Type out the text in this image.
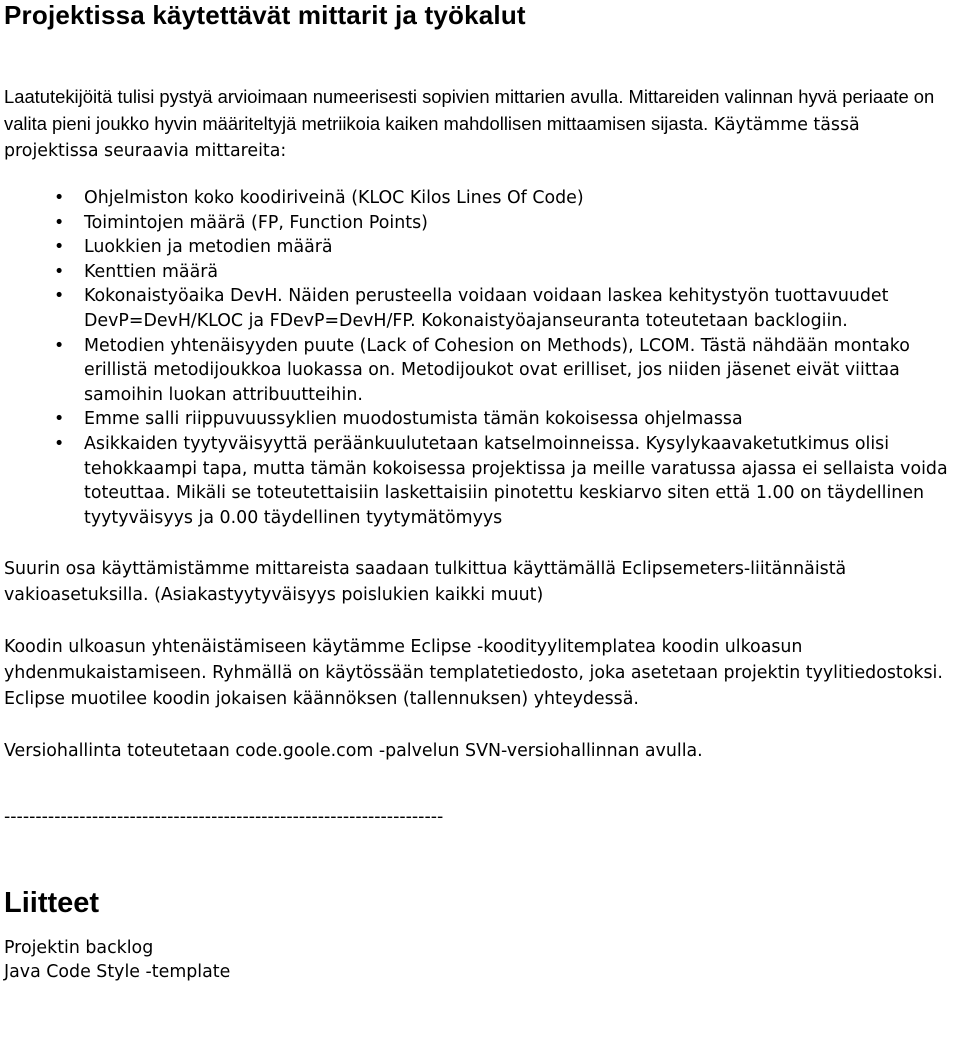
Projektissa käytettävät mittarit ja työkalut

Laatutekijöitä tulisi pystyä arvioimaan numeerisesti sopivien mittarien avulla. Mittareiden valinnan hyvä periaate on valita pieni joukko hyvin määriteltyjä metriikoia kaiken mahdollisen mittaamisen sijasta. Käytämme tässä projektissa seuraavia mittareita:

• Ohjelmiston koko koodiriveinä (KLOC Kilos Lines Of Code)
• Toimintojen määrä (FP, Function Points)
• Luokkien ja metodien määrä
• Kenttien määrä
• Kokonaistyöaika DevH. Näiden perusteella voidaan voidaan laskea kehitystyön tuottavuudet DevP=DevH/KLOC ja FDevP=DevH/FP. Kokonaistyöajanseuranta toteutetaan backlogiin.
• Metodien yhtenäisyyden puute (Lack of Cohesion on Methods), LCOM. Tästä nähdään montako erillistä metodijoukkoa luokassa on. Metodijoukot ovat erilliset, jos niiden jäsenet eivät viittaa samoihin luokan attribuutteihin.
• Emme salli riippuvuussyklien muodostumista tämän kokoisessa ohjelmassa
• Asikkaiden tyytyväisyyttä peräänkuulutetaan katselmoinneissa. Kysylykaavaketutkimus olisi tehokkaampi tapa, mutta tämän kokoisessa projektissa ja meille varatussa ajassa ei sellaista voida toteuttaa. Mikäli se toteutettaisiin laskettaisiin pinotettu keskiarvo siten että 1.00 on täydellinen tyytyväisyys ja 0.00 täydellinen tyytymätömyys

Suurin osa käyttämistämme mittareista saadaan tulkittua käyttämällä Eclipsemeters-liitännäistä vakioasetuksilla. (Asiakastyytyväisyys poislukien kaikki muut)

Koodin ulkoasun yhtenäistämiseen käytämme Eclipse -koodityylitemplatea koodin ulkoasun yhdenmukaistamiseen. Ryhmällä on käytössään templatetiedosto, joka asetetaan projektin tyylitiedostoksi. Eclipse muotilee koodin jokaisen käännöksen (tallennuksen) yhteydessä.

Versiohallinta toteutetaan code.goole.com -palvelun SVN-versiohallinnan avulla.

----------------------------------------------------------------------
Liitteet
Projektin backlog
Java Code Style -template
